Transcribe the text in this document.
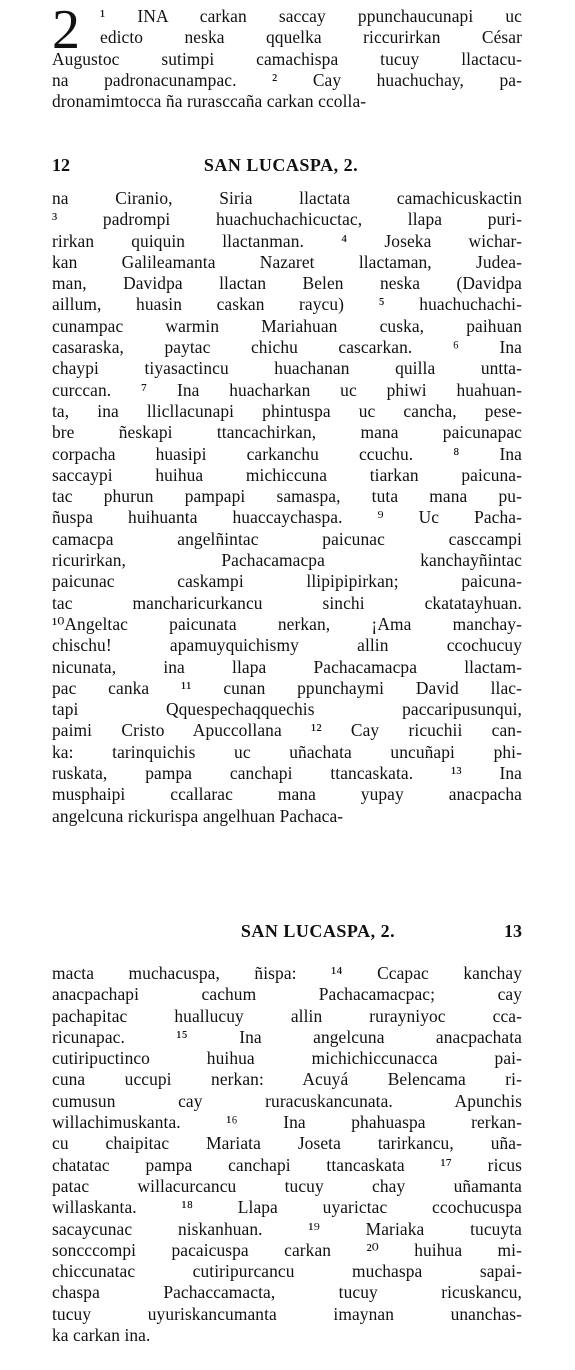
2	¹ INA carkan saccay ppunchaucunapi uc
edicto neska qquelka riccurirkan César
Augustoc sutimpi camachispa tucuy llactacu-
na padronacunampac. ² Cay huachuchay, pa-
dronamimtocca ña rurasccaña carkan ccolla-
12	SAN LUCASPA, 2.
na Ciranio, Siria llactata camachicuskactin
³ padrompi huachuchachicuctac, llapa puri-
rirkan quiquin llactanman. ⁴ Joseka wichar-
kan Galileamanta Nazaret llactaman, Judea-
man, Davidpa llactan Belen neska (Davidpa
aillum, huasin caskan raycu) ⁵ huachuchachi-
cunampac warmin Mariahuan cuska, paihuan
casaraska, paytac chichu cascarkan. ⁶ Ina
chaypi tiyasactincu huachanan quilla untta-
curccan. ⁷ Ina huacharkan uc phiwi huahuan-
ta, ina llicllacunapi phintuspa uc cancha, pese-
bre ñeskapi ttancachirkan, mana paicunapac
corpacha huasipi carkanchu ccuchu. ⁸ Ina
saccaypi huihua michiccuna tiarkan paicuna-
tac phurun pampapi samaspa, tuta mana pu-
ñuspa huihuanta huaccaychaspa. ⁹ Uc Pacha-
camacpa angelñintac paicunac casccampi
ricurirkan, Pachacamacpa kanchayñintac
paicunac caskampi llipipipirkan; paicuna-
tac mancharicurkancu sinchi ckatatayhuan.
¹⁰Angeltac paicunata nerkan, ¡Ama manchay-
chischu! apamuyquichismy allin ccochucuy
nicunata, ina llapa Pachacamacpa llactam-
pac canka ¹¹ cunan ppunchaymi David llac-
tapi Qquespechaqquechis paccaripusunqui,
paimi Cristo Apuccollana ¹² Cay ricuchii can-
ka: tarinquichis uc uñachata uncuñapi phi-
ruskata, pampa canchapi ttancaskata. ¹³ Ina
musphaipi ccallarac mana yupay anacpacha
angelcuna rickurispa angelhuan Pachaca-
SAN LUCASPA, 2.	13
macta muchacuspa, ñispa: ¹⁴ Ccapac kanchay
anacpachapi cachum Pachacamacpac; cay
pachapitac huallucuy allin rurayniyoc cca-
ricunapac. ¹⁵ Ina angelcuna anacpachata
cutiripuctinco huihua michichiccunacca pai-
cuna uccupi nerkan: Acuyá Belencama ri-
cumusun cay ruracuskancunata. Apunchis
willachimuskanta. ¹⁶ Ina phahuaspa rerkan-
cu chaipitac Mariata Joseta tarirkancu, uña-
chatatac pampa canchapi ttancaskata ¹⁷ ricus
patac willacurcancu tucuy chay uñamanta
willaskanta. ¹⁸ Llapa uyarictac ccochucuspa
sacaycunac niskanhuan. ¹⁹ Mariaka tucuyta
soncccompi pacaicuspa carkan ²⁰ huihua mi-
chiccunatac cutiripurcancu muchaspa sapai-
chaspa Pachaccamacta, tucuy ricuskancu,
tucuy uyuriskancumanta imaynan unanchas-
ka carkan ina.
